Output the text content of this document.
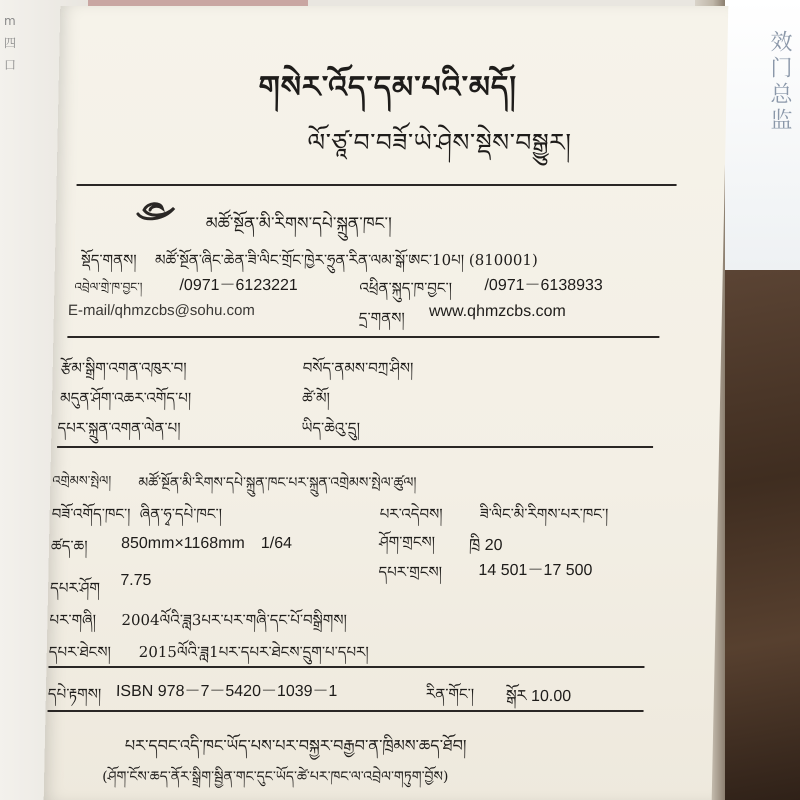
m 四 口	效门总监
གསེར་འོད་དམ་པའི་མདོ།
ལོ་ཙཱ་བ་བཟོ་ཡེ་ཤེས་སྡེས་བསྒྱུར།
མཚོ་སྔོན་མི་རིགས་དཔེ་སྐྲུན་ཁང་།
སྡོད་གནས། མཚོ་སྔོན་ཞིང་ཆེན་ཟི་ལིང་གྲོང་ཁྱེར་ཧྲུན་རིན་ལམ་སྒོ་ཨང་10པ། (810001)
འབྲེལ་གྲེ་ཁ་བྱང་། /0971－6123221	འཕྲིན་སྐུད་ཁ་བྱང་། /0971－6138933
E-mail/qhmzcbs@sohu.com	དྲ་གནས། www.qhmzcbs.com
རྩོམ་སྒྲིག་འགན་འཁུར་བ།	བསོད་ནམས་བཀྲ་ཤིས།
མདུན་ཤོག་འཆར་འགོད་པ།	ཚེ་མོ།
དཔར་སྐྲུན་འགན་ལེན་པ།	ཡིད་ཆེའུ་དྲུ།
འགྲེམས་སྤེལ། མཚོ་སྔོན་མི་རིགས་དཔེ་སྐྲུན་ཁང་པར་སྐྲུན་འགྲེམས་སྤེལ་ཚུལ།
བཟོ་འགོད་ཁང་། ཞིན་ཧྭ་དཔེ་ཁང་།	པར་འདེབས། ཟི་ལིང་མི་རིགས་པར་ཁང་།
ཚད་ཆ། 850mm×1168mm　1/64	ཤོག་གྲངས། ཁྲི 20
དཔར་གྲངས། 14 501－17 500
དཔར་ཤོག 7.75
པར་གཞི། 2004ལོའི་ཟླ3པར་པར་གཞི་དང་པོ་བསྒྲིགས།
དཔར་ཐེངས། 2015ལོའི་ཟླ1པར་དཔར་ཐེངས་དྲུག་པ་དཔར།
དཔེ་རྟགས། ISBN 978－7－5420－1039－1	རིན་གོང་། སྒོར 10.00
པར་དབང་འདི་ཁང་ཡོད་པས་པར་བསྐྱར་བརྒྱབ་ན་ཁྲིམས་ཆད་ཐོབ།
(ཤོག་ངོས་ཆད་ནོར་སྒྲིག་སྦྱིན་གང་དུང་ཡོད་ཚེ་པར་ཁང་ལ་འབྲེལ་གཏུག་བྱོས)
